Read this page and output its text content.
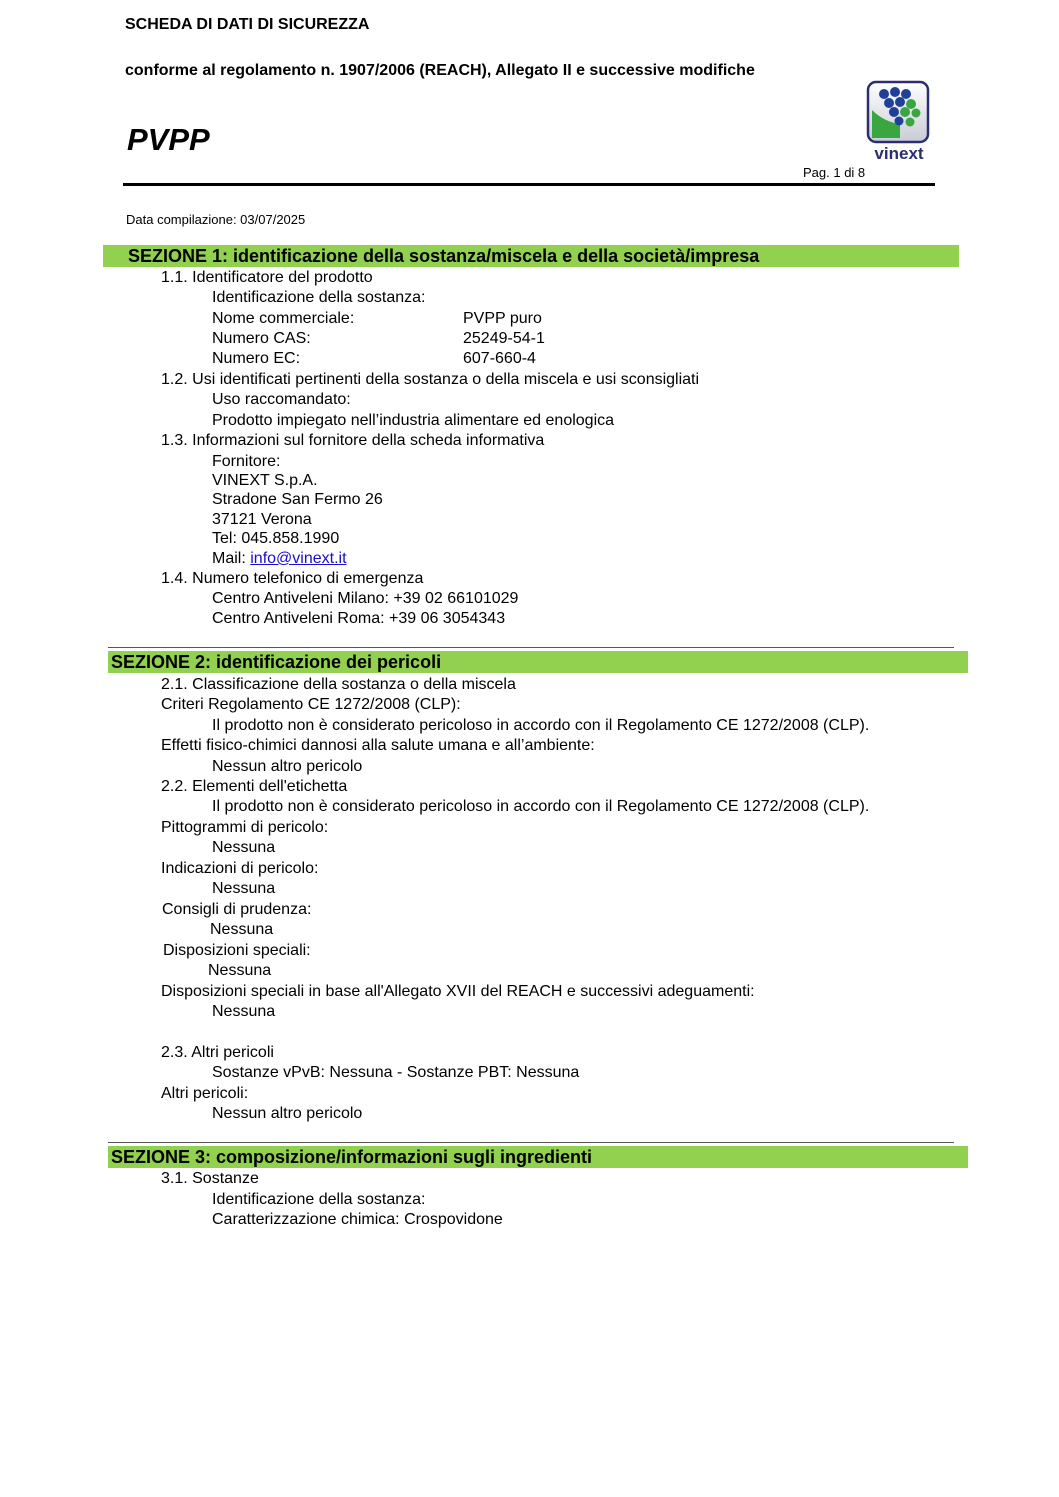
SCHEDA DI DATI DI SICUREZZA
conforme al regolamento n. 1907/2006 (REACH), Allegato II e successive modifiche
PVPP	vinext
Pag. 1 di 8
Data compilazione: 03/07/2025
SEZIONE 1: identificazione della sostanza/miscela e della società/impresa
1.1. Identificatore del prodotto
Identificazione della sostanza:
Nome commerciale:	PVPP puro
Numero CAS:	25249-54-1
Numero EC:	607-660-4
1.2. Usi identificati pertinenti della sostanza o della miscela e usi sconsigliati
Uso raccomandato:
Prodotto impiegato nell’industria alimentare ed enologica
1.3. Informazioni sul fornitore della scheda informativa
Fornitore:
VINEXT S.p.A.
Stradone San Fermo 26
37121 Verona
Tel: 045.858.1990
Mail: info@vinext.it
1.4. Numero telefonico di emergenza
Centro Antiveleni Milano: +39 02 66101029
Centro Antiveleni Roma: +39 06 3054343
SEZIONE 2: identificazione dei pericoli
2.1. Classificazione della sostanza o della miscela
Criteri Regolamento CE 1272/2008 (CLP):
Il prodotto non è considerato pericoloso in accordo con il Regolamento CE 1272/2008 (CLP).
Effetti fisico-chimici dannosi alla salute umana e all’ambiente:
Nessun altro pericolo
2.2. Elementi dell'etichetta
Il prodotto non è considerato pericoloso in accordo con il Regolamento CE 1272/2008 (CLP).
Pittogrammi di pericolo:
Nessuna
Indicazioni di pericolo:
Nessuna
Consigli di prudenza:
Nessuna
Disposizioni speciali:
Nessuna
Disposizioni speciali in base all'Allegato XVII del REACH e successivi adeguamenti:
Nessuna
2.3. Altri pericoli
Sostanze vPvB: Nessuna - Sostanze PBT: Nessuna
Altri pericoli:
Nessun altro pericolo
SEZIONE 3: composizione/informazioni sugli ingredienti
3.1. Sostanze
Identificazione della sostanza:
Caratterizzazione chimica: Crospovidone
